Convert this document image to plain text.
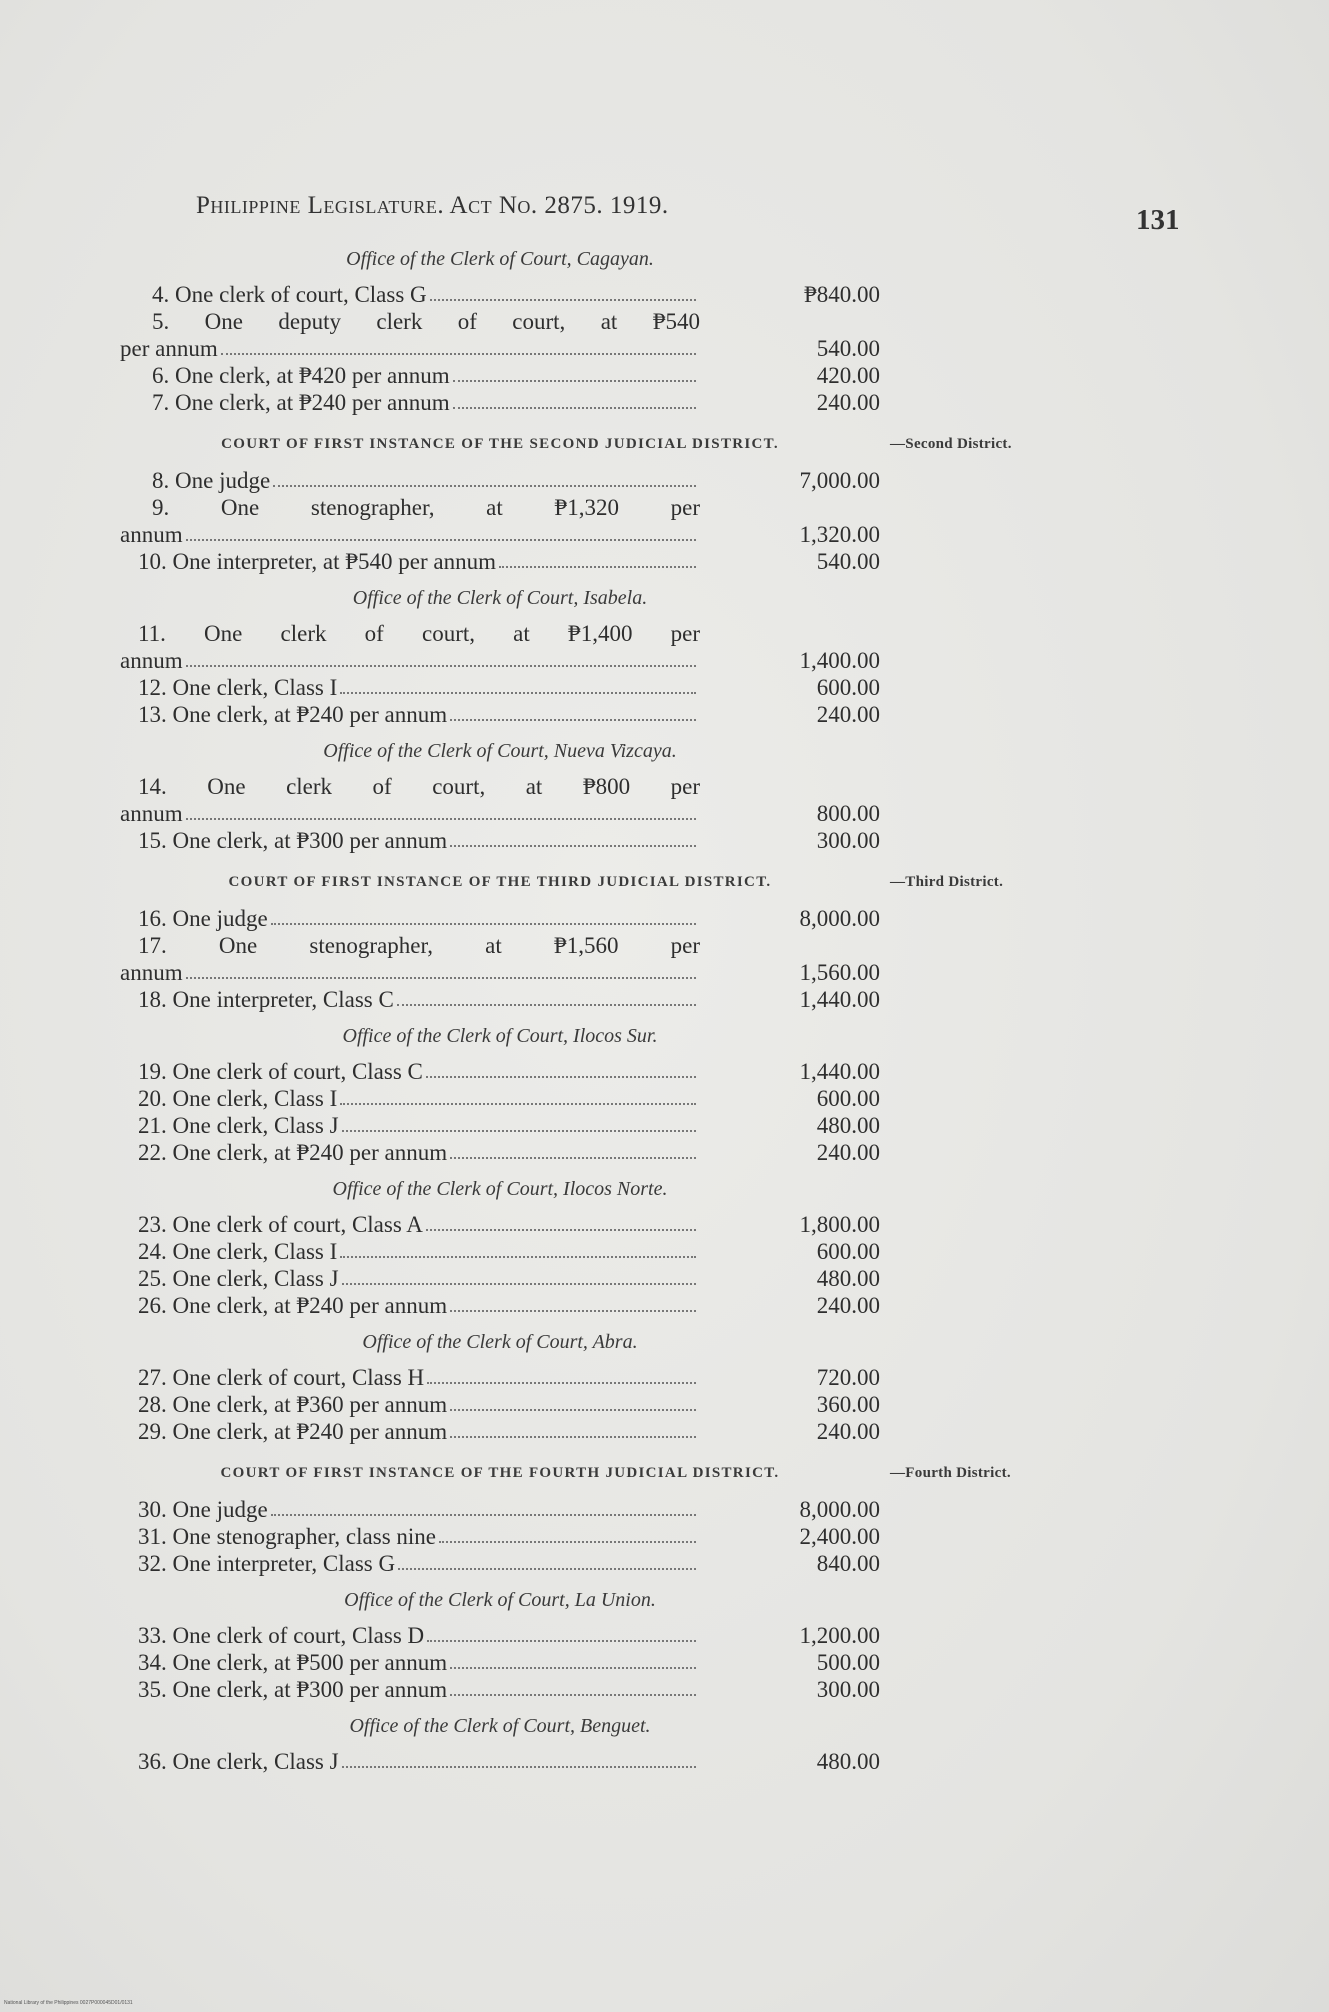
Philippine Legislature. Act No. 2875. 1919.	131
Office of the Clerk of Court, Cagayan.
4. One clerk of court, Class G	₱840.00
5. One deputy clerk of court, at ₱540
per annum	540.00
6. One clerk, at ₱420 per annum	420.00
7. One clerk, at ₱240 per annum	240.00
COURT OF FIRST INSTANCE OF THE SECOND JUDICIAL DISTRICT.	—Second District.
8. One judge	7,000.00
9. One stenographer, at ₱1,320 per
annum	1,320.00
10. One interpreter, at ₱540 per annum	540.00
Office of the Clerk of Court, Isabela.
11. One clerk of court, at ₱1,400 per
annum	1,400.00
12. One clerk, Class I	600.00
13. One clerk, at ₱240 per annum	240.00
Office of the Clerk of Court, Nueva Vizcaya.
14. One clerk of court, at ₱800 per
annum	800.00
15. One clerk, at ₱300 per annum	300.00
COURT OF FIRST INSTANCE OF THE THIRD JUDICIAL DISTRICT.	—Third District.
16. One judge	8,000.00
17. One stenographer, at ₱1,560 per
annum	1,560.00
18. One interpreter, Class C	1,440.00
Office of the Clerk of Court, Ilocos Sur.
19. One clerk of court, Class C	1,440.00
20. One clerk, Class I	600.00
21. One clerk, Class J	480.00
22. One clerk, at ₱240 per annum	240.00
Office of the Clerk of Court, Ilocos Norte.
23. One clerk of court, Class A	1,800.00
24. One clerk, Class I	600.00
25. One clerk, Class J	480.00
26. One clerk, at ₱240 per annum	240.00
Office of the Clerk of Court, Abra.
27. One clerk of court, Class H	720.00
28. One clerk, at ₱360 per annum	360.00
29. One clerk, at ₱240 per annum	240.00
COURT OF FIRST INSTANCE OF THE FOURTH JUDICIAL DISTRICT.	—Fourth District.
30. One judge	8,000.00
31. One stenographer, class nine	2,400.00
32. One interpreter, Class G	840.00
Office of the Clerk of Court, La Union.
33. One clerk of court, Class D	1,200.00
34. One clerk, at ₱500 per annum	500.00
35. One clerk, at ₱300 per annum	300.00
Office of the Clerk of Court, Benguet.
36. One clerk, Class J	480.00
National Library of the Philippines 0027P000045D01/0131
